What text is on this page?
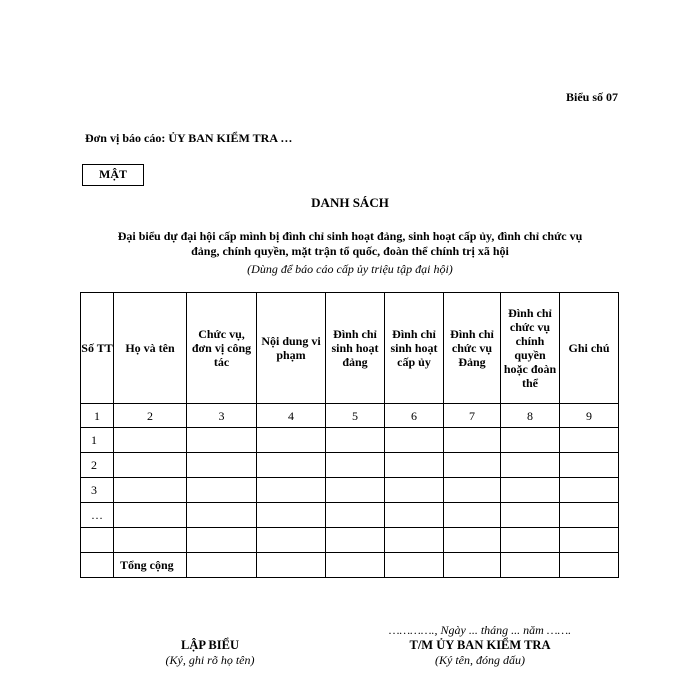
Biểu số 07
Đơn vị báo cáo: ỦY BAN KIỂM TRA …
MẬT
DANH SÁCH
Đại biểu dự đại hội cấp mình bị đình chỉ sinh hoạt đảng, sinh hoạt cấp ủy, đình chỉ chức vụ
đảng, chính quyền, mặt trận tổ quốc, đoàn thể chính trị xã hội
(Dùng để báo cáo cấp ủy triệu tập đại hội)
Số TT	Họ và tên	Chức vụ, đơn vị công tác	Nội dung vi phạm	Đình chỉ sinh hoạt đảng	Đình chỉ sinh hoạt cấp ủy	Đình chỉ chức vụ Đảng	Đình chỉ chức vụ chính quyền hoặc đoàn thể	Ghi chú
1	2	3	4	5	6	7	8	9
1								
2								
3								
…								

	Tổng cộng							
LẬP BIỂU
(Ký, ghi rõ họ tên)
…………., Ngày ... tháng ... năm …….
T/M ỦY BAN KIỂM TRA
(Ký tên, đóng dấu)
